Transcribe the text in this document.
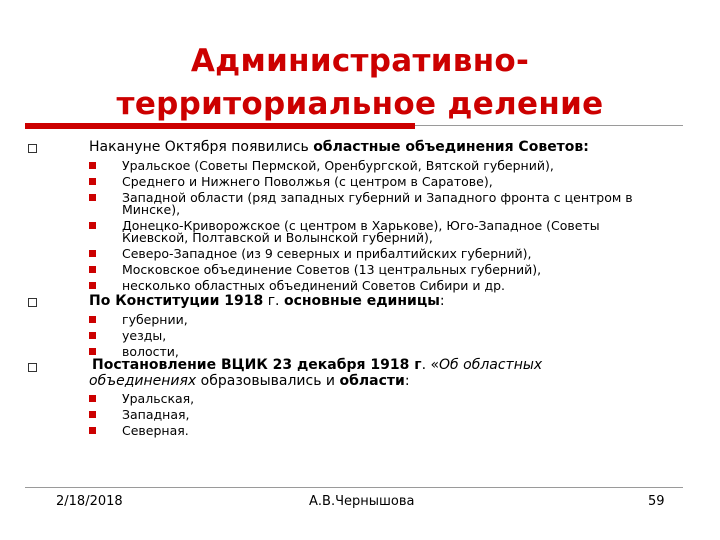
Административно-
территориальное деление
Накануне Октября появились областные объединения Советов:
Уральское (Советы Пермской, Оренбургской, Вятской губерний),
Среднего и Нижнего Поволжья (с центром в Саратове),
Западной области (ряд западных губерний и Западного фронта с центром в
Минске),
Донецко-Криворожское (с центром в Харькове), Юго-Западное (Советы
Киевской, Полтавской и Волынской губерний),
Северо-Западное (из 9 северных и прибалтийских губерний),
Московское объединение Советов (13 центральных губерний),
несколько областных объединений Советов Сибири и др.
По Конституции 1918 г. основные единицы:
губернии,
уезды,
волости,
Постановление ВЦИК 23 декабря 1918 г. «Об областных
объединениях образовывались и области:
Уральская,
Западная,
Северная.
2/18/2018	А.В.Чернышова	59
